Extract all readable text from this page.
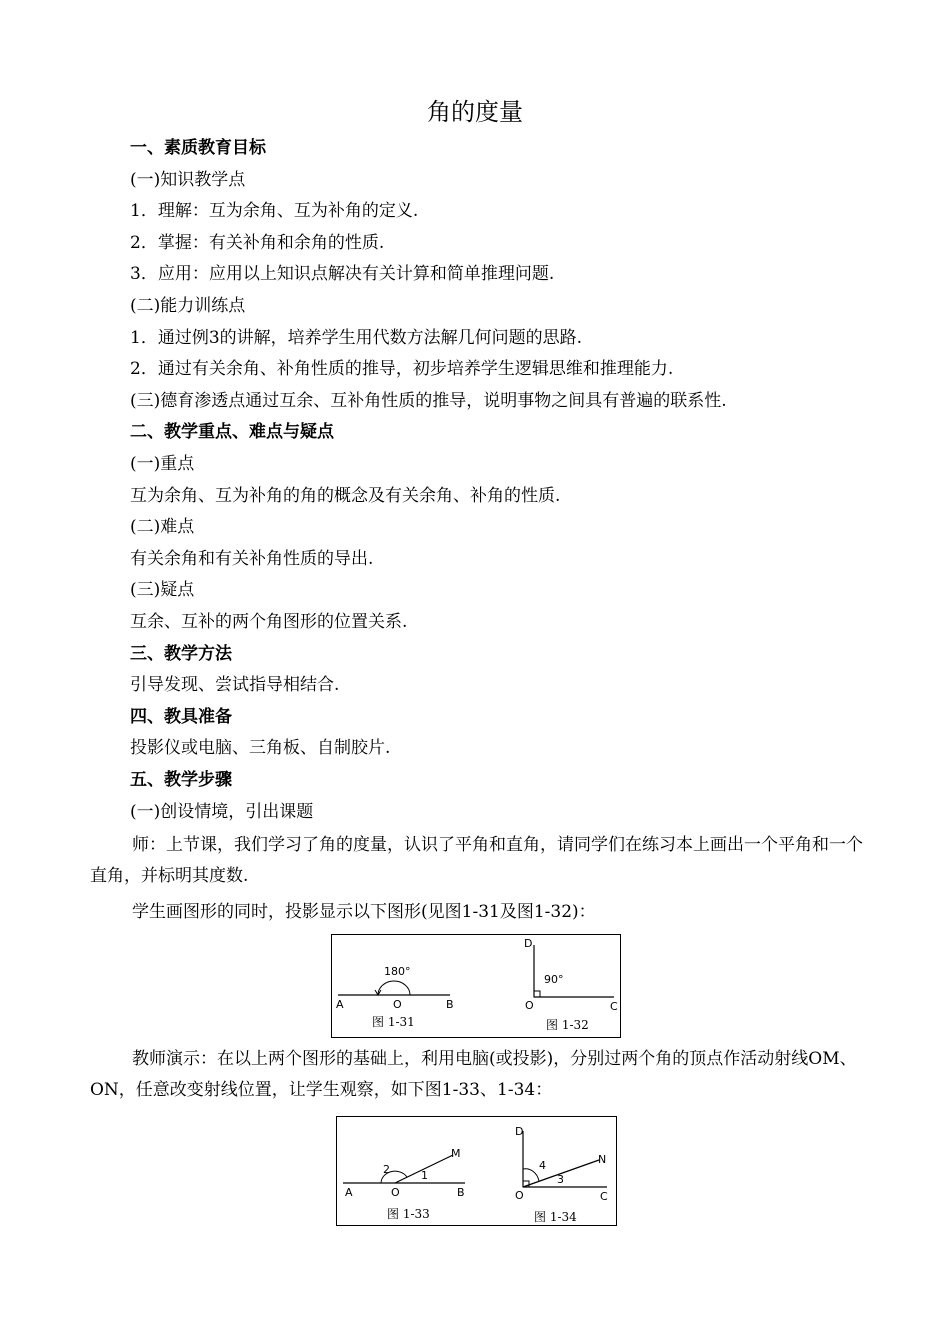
角的度量
一、素质教育目标
(一)知识教学点
1．理解：互为余角、互为补角的定义.
2．掌握：有关补角和余角的性质.
3．应用：应用以上知识点解决有关计算和简单推理问题.
(二)能力训练点
1．通过例3的讲解，培养学生用代数方法解几何问题的思路.
2．通过有关余角、补角性质的推导，初步培养学生逻辑思维和推理能力.
(三)德育渗透点通过互余、互补角性质的推导，说明事物之间具有普遍的联系性.
二、教学重点、难点与疑点
(一)重点
互为余角、互为补角的角的概念及有关余角、补角的性质.
(二)难点
有关余角和有关补角性质的导出.
(三)疑点
互余、互补的两个角图形的位置关系.
三、教学方法
引导发现、尝试指导相结合.
四、教具准备
投影仪或电脑、三角板、自制胶片.
五、教学步骤
(一)创设情境，引出课题

师：上节课，我们学习了角的度量，认识了平角和直角，请同学们在练习本上画出一个平角和一个直角，并标明其度数.

学生画图形的同时，投影显示以下图形(见图1-31及图1-32)：

180°
A	O	B
图 1-31
90°
D
O	C
图 1-32

教师演示：在以上两个图形的基础上，利用电脑(或投影)，分别过两个角的顶点作活动射线OM、ON，任意改变射线位置，让学生观察，如下图1-33、1-34：

2	1
M
A	O	B
图 1-33
4
3
N
D
O	C
图 1-34
